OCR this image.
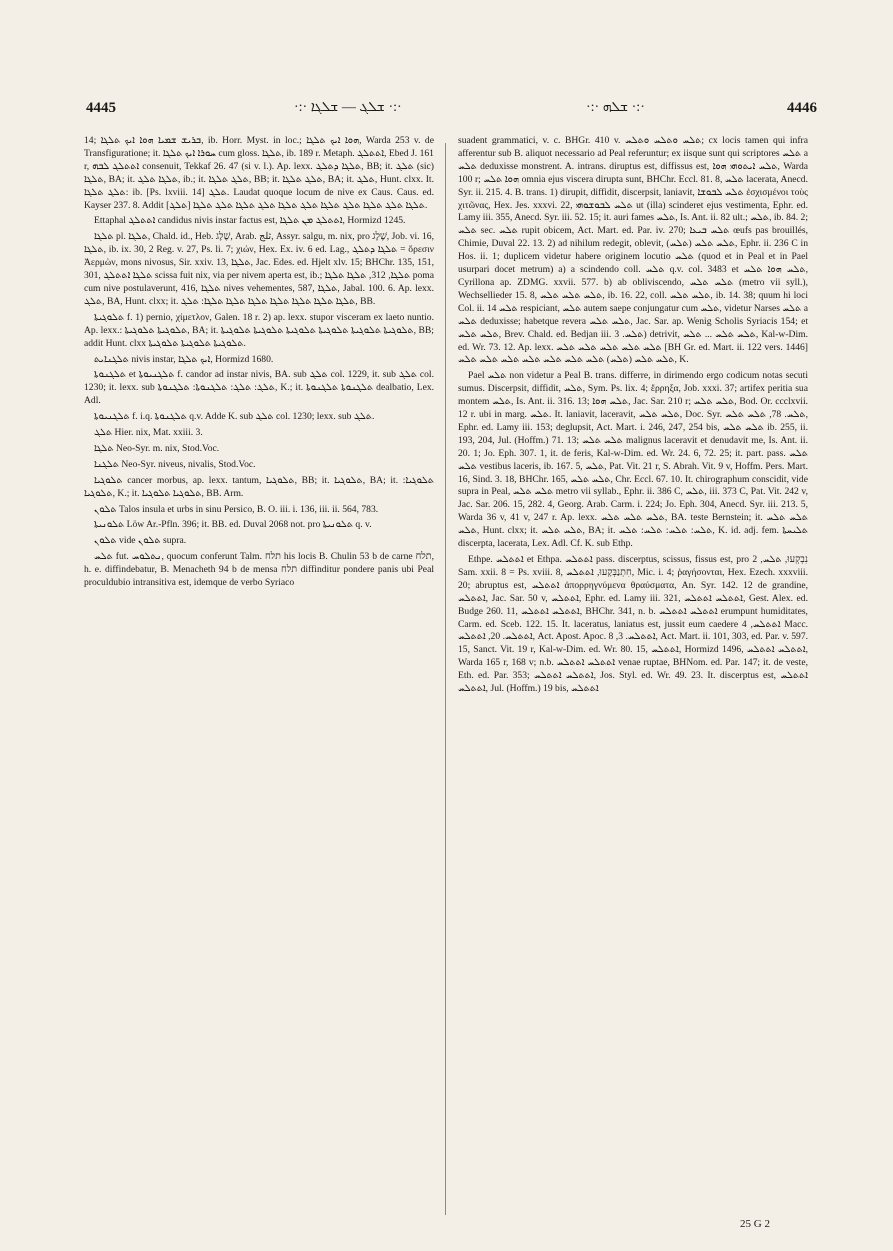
4445	·:· ܫܠܓ — ܫܠܓܐ ·:·	·:· ܫܠܗ ·:·	4446

14; ܒܪܝܫ ܫܡܝܐ ܗܘܐ ܐܝܟ ܬܠܓܐ, ib. Horr. Myst. in loc.; ܗܘܐ ܐܝܟ ܬܠܓܐ, Warda 253 v. de Transfiguratione; it. ܚܘܪܐ ܐܝܟ ܬܠܓܐ cum gloss. ܬܠܓܐ, ib. 189 r. Metaph. ܐܬܬܠܓ, Ebed J. 161 r, ܐܬܬܠܓ ܠܒܗ consenuit, Tekkaf 26. 47 (si v. l.). Ap. lexx. ܬܠܓܐ ܕܬܠܓ, BB; it. ܬܠܓ (sic) ܬܠܓܐ, BA; it. ܬܠܓܐ ܬܠܓ, ib.; it. ܬܠܓ ܬܠܓܐ, BB; it. ܬܠܓ ܬܠܓܐ, BA; it. ܬܠܓ, Hunt. clxx. It. ܬܠܓ ܬܠܓܐ: ib. [Ps. lxviii. 14] ܬܠܓ. Laudat quoque locum de nive ex Caus. Caus. ed. Kayser 237. 8. Addit [ܬܠܓ] ܬܠܓܐ ܬܠܓ ܬܠܓܐ ܬܠܓ ܬܠܓܐ ܬܠܓ ܬܠܓܐ ܬܠܓ ܬܠܓܐ ܬܠܓ ܬܠܓܐ.

Ettaphal ܐܬܬܠܓ candidus nivis instar factus est, ܐܬܬܠܓ ܡܢ ܬܠܓܐ, Hormizd 1245.

ܬܠܓܐ pl. ܬܠܓܐ, Chald. id., Heb. שֶׁלֶג, Arab. ثلج, Assyr. salgu, m. nix, pro שֶׁלֶג, Job. vi. 16, ܬܠܓܐ, ib. ix. 30, 2 Reg. v. 27, Ps. li. 7; χιών, Hex. Ex. iv. 6 ed. Lag., ܬܠܓܐ ܕܬܠܓ = ὄρεσιν Ἀερμὼν, mons nivosus, Sir. xxiv. 13, ܬܠܓܐ, Jac. Edes. ed. Hjelt xlv. 15; BHChr. 135, 151, 301, ܬܠܓܐ ܐܬܬܠܓ scissa fuit nix, via per nivem aperta est, ib.; ܬܠܓܐ, 312, ܬܠܓܐ ܬܠܓܐ poma cum nive postulaverunt, 416, ܬܠܓܐ nives vehementes, 587, ܬܠܓܐ, Jabal. 100. 6. Ap. lexx. ܬܠܓ, BA, Hunt. clxx; it. ܬܠܓܐ ܬܠܓܐ ܬܠܓܐ ܬܠܓܐ ܬܠܓܐ ܬܠܓܐ ܬܠܓܐ: ܬܠܓ, BB.

ܬܠܘܓܝܬܐ f. 1) pernio, χίμετλον, Galen. 18 r. 2) ap. lexx. stupor visceram ex laeto nuntio. Ap. lexx.: ܬܠܘܓܝܬܐ ܬܠܘܓܝܬܐ, BA; it. ܬܠܘܓܝܬܐ ܬܠܘܓܝܬܐ ܬܠܘܓܝܬܐ ܬܠܘܓܝܬܐ ܬܠܘܓܝܬܐ ܬܠܘܓܝܬܐ, BB; addit Hunt. clxx ܬܠܘܓܝܬܐ ܬܠܘܓܝܬܐ ܬܠܘܓܝܬܐ.

ܬܠܓܢܐܝܬ nivis instar, ܐܝܟ ܬܠܓܐ, Hormizd 1680.

ܬܠܓܢܘܬܐ et ܬܠܓܢܝܘܬܐ f. candor ad instar nivis, BA. sub ܬܠܓ col. 1229, it. sub ܬܠܓ col. 1230; it. lexx. sub ܬܠܓ: ܬܠܓ: ܬܠܓܢܘܬܐ: ܬܠܓܢܘܬܐ, K.; it. ܬܠܓܢܘܬܐ ܬܠܓܢܘܬܐ dealbatio, Lex. Adl.

ܬܠܓܢܝܘܬܐ f. i.q. ܬܠܓܢܘܬܐ q.v. Adde K. sub ܬܠܓ col. 1230; lexx. sub ܬܠܓ.

ܬܠܓ Hier. nix, Mat. xxiii. 3.

ܬܠܓܐ Neo-Syr. m. nix, Stod.Voc.

ܬܠܓܢܐ Neo-Syr. niveus, nivalis, Stod.Voc.

ܬܠܘܓܝܐ cancer morbus, ap. lexx. tantum, ܬܠܘܓܝܐ, BB; it. ܬܠܘܓܝܐ, BA; it. ܬܠܘܓܝܐ: ܬܠܘܓܝܐ, K.; it. ܬܠܘܓܝܐ ܬܠܘܓܝܐ, BB. Arm.

ܬܠܘܢ Talos insula et urbs in sinu Persico, B. O. iii. i. 136, iii. ii. 564, 783.

ܬܠܘܢܝܬܐ Löw Ar.-Pfln. 396; it. BB. ed. Duval 2068 not. pro ܬܠܘܢܝܬܐ q. v.

ܬܠܘܢ vide ܬܠܘܢ supra.

ܬܠܚ fut. ܢܬܠܘܚ, quocum conferunt Talm. תלח his locis B. Chulin 53 b de carne תלח, h. e. diffindebatur, B. Menacheth 94 b de mensa תלח diffinditur pondere panis ubi Peal proculdubio intransitiva est, idemque de verbo Syriaco

suadent grammatici, v. c. BHGr. 410 v. ܬܠܚ ܘܬܠܚ ܘܬܠܚ; cx locis tamen qui infra afferentur sub B. aliquot necessario ad Peal referuntur; ex iisque sunt qui scriptores ܬܠܚ a ܬܠܚ deduxisse monstrent. A. intrans. diruptus est, diffissus est, ܬܠܚ ܐܝܬܘܗܝ ܗܘܐ, Warda 100 r; ܗܘܐ ܬܠܚ omnia ejus viscera dirupta sunt, BHChr. Eccl. 81. 8, ܬܠܚ lacerata, Anecd. Syr. ii. 215. 4. B. trans. 1) dirupit, diffidit, discerpsit, laniavit, ܬܠܚ ܠܒܘܫܐ ἐσχισμένοι τοὺς χιτῶνας, Hex. Jes. xxxvi. 22, ܬܠܚ ܠܒܘܫܘܗܝ ut (illa) scinderet ejus vestimenta, Ephr. ed. Lamy iii. 355, Anecd. Syr. iii. 52. 15; it. auri fames ܬܠܚ, Is. Ant. ii. 82 ult.; ܬܠܚ, ib. 84. 2; ܬܠܚ sec. ܬܠܚ rupit obicem, Act. Mart. ed. Par. iv. 270; ܬܠܚ ܒܝܥܐ œufs pas brouillés, Chimie, Duval 22. 13. 2) ad nihilum redegit, oblevit, (ܬܠܚ) ܬܠܚ ܬܠܚ, Ephr. ii. 236 C in Hos. ii. 1; duplicem videtur habere originem locutio ܬܠܚ (quod et in Peal et in Pael usurpari docet metrum) a) a scindendo coll. ܬܠܚ q.v. col. 3483 et ܬܠܚ ܗܘܐ ܬܠܚ, Cyrillona ap. ZDMG. xxvii. 577. b) ab obliviscendo, ܬܠܚ ܬܠܚ (metro vii syll.), Wechsellieder 15. 8, ܬܠܚ ܬܠܚ ܬܠܚ, ib. 16. 22, coll. ܬܠܚ ܬܠܚ, ib. 14. 38; quum hi loci Col. ii. 14 ܬܠܚ respiciant, ܬܠܚ autem saepe conjungatur cum ܬܠܚ, videtur Narses ܬܠܚ a ܬܠܚ deduxisse; habetque revera ܬܠܚ ܬܠܚ, Jac. Sar. ap. Wenig Scholis Syriacis 154; et ܬܠܚ ܬܠܚ, Brev. Chald. ed. Bedjan iii. ܬܠܚ. 3) detrivit, ܬܠܚ ܬܠܚ ... ܬܠܚ, Kal-w-Dim. ed. Wr. 73. 12. Ap. lexx. ܬܠܚ ܬܠܚ ܬܠܚ ܬܠܚ ܬܠܚ [BH Gr. ed. Mart. ii. 122 vers. 1446] ܬܠܚ ܬܠܚ (ܬܠܚ) ܬܠܚ ܬܠܚ ܬܠܚ ܬܠܚ ܬܠܚ ܬܠܚ ܬܠܚ, K.

Pael ܬܠܚ non videtur a Peal B. trans. differre, in dirimendo ergo codicum notas secuti sumus. Discerpsit, diffidit, ܬܠܚ, Sym. Ps. lix. 4; ἔρρηξα, Job. xxxi. 37; artifex peritia sua montem ܬܠܚ, Is. Ant. ii. 316. 13; ܬܠܚ ܗܘܐ, Jac. Sar. 210 r; ܬܠܚ ܬܠܚ, Bod. Or. ccclxvii. 12 r. ubi in marg. ܬܠܚ. It. laniavit, laceravit, ܬܠܚ ܬܠܚ, Doc. Syr. ܬܠܚ. 78, ܬܠܚ ܬܠܚ, Ephr. ed. Lamy iii. 153; deglupsit, Act. Mart. i. 246, 247, 254 bis, ܬܠܚ ܬܠܚ ib. 255, ii. 193, 204, Jul. (Hoffm.) 71. 13; ܬܠܚ ܬܠܚ malignus laceravit et denudavit me, Is. Ant. ii. 20. 1; Jo. Eph. 307. 1, it. de feris, Kal-w-Dim. ed. Wr. 24. 6, 72. 25; it. part. pass. ܬܠܚ ܬܠܚ vestibus laceris, ib. 167. 5, ܬܠܚ, Pat. Vit. 21 r, S. Abrah. Vit. 9 v, Hoffm. Pers. Mart. 16, Sind. 3. 18, BHChr. 165, ܬܠܚ ܬܠܚ, Chr. Eccl. 67. 10. It. chirographum conscidit, vide supra in Peal, ܬܠܚ ܬܠܚ metro vii syllab., Ephr. ii. 386 C, ܬܠܚ, iii. 373 C, Pat. Vit. 242 v, Jac. Sar. 206. 15, 282. 4, Georg. Arab. Carm. i. 224; Jo. Eph. 304, Anecd. Syr. iii. 213. 5, Warda 36 v, 41 v, 247 r. Ap. lexx. ܬܠܚ ܬܠܚ ܬܠܚ, BA. teste Bernstein; it. ܬܠܚ ܬܠܚ ܬܠܚ, Hunt. clxx; it. ܬܠܚ ܬܠܚ, BA; it. ܬܠܚ: ܬܠܚ: ܬܠܚ: ܬܠܚ, K. id. adj. fem. ܬܠܝܚܬܐ discerpta, lacerata, Lex. Adl. Cf. K. sub Ethp.

Ethpe. ܐܬܬܠܚ et Ethpa. ܐܬܬܠܚ pass. discerptus, scissus, fissus est, pro נִבְקְעוּ, ܬܠܚ, 2 Sam. xxii. 8 = Ps. xviii. 8, חִתְנַבְּקָעוּ, ܐܬܬܠܚ, Mic. i. 4; ῥαγήσονται, Hex. Ezech. xxxviii. 20; abruptus est, ܐܬܬܠܚ ἀπορρηγνύμενα θραύσματα, An. Syr. 142. 12 de grandine, ܐܬܬܠܚ, Jac. Sar. 50 v, ܐܬܬܠܚ, Ephr. ed. Lamy iii. 321, ܐܬܬܠܚ ܐܬܬܠܚ, Gest. Alex. ed. Budge 260. 11, ܐܬܬܠܚ ܐܬܬܠܚ, BHChr. 341, n. b. ܐܬܬܠܚ ܐܬܬܠܚ erumpunt humiditates, Carm. ed. Sceb. 122. 15. It. laceratus, laniatus est, jussit eum caedere ܐܬܬܠܚ, 4 Macc. ܐܬܬܠܚ. 20, ܐܬܬܠܚ, Act. Apost. Apoc. ܐܬܬܠܚ. 3, 8, Act. Mart. ii. 101, 303, ed. Par. v. 597. 15, Sanct. Vit. 19 r, Kal-w-Dim. ed. Wr. 80. 15, ܐܬܬܠܚ, Hormizd 1496, ܐܬܬܠܚ ܐܬܬܠܚ, Warda 165 r, 168 v; n.b. ܐܬܬܠܚ ܐܬܬܠܚ venae ruptae, BHNom. ed. Par. 147; it. de veste, Eth. ed. Par. 353; ܐܬܬܠܚ ܐܬܬܠܚ, Jos. Styl. ed. Wr. 49. 23. It. discerptus est, ܐܬܬܠܚ ܐܬܬܠܚ, Jul. (Hoffm.) 19 bis, ܐܬܬܠܚ

25 G 2
